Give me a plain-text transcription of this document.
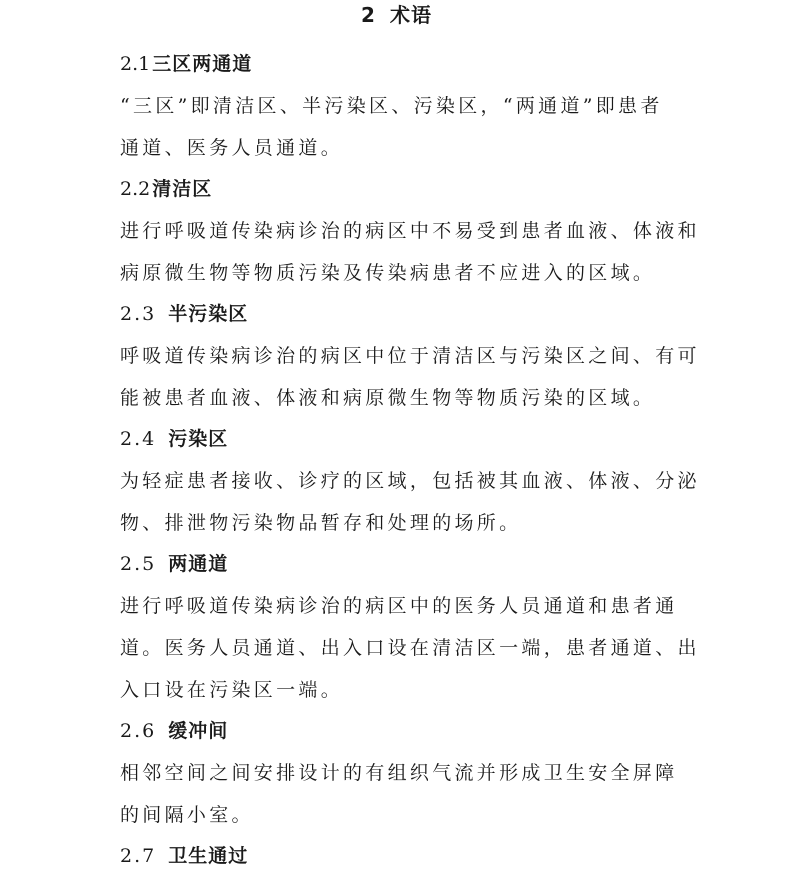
2 术语
2.1 三区两通道
“三区”即清洁区、半污染区、污染区，“两通道”即患者
通道、医务人员通道。
2.2 清洁区
进行呼吸道传染病诊治的病区中不易受到患者血液、体液和
病原微生物等物质污染及传染病患者不应进入的区域。
2.3 半污染区
呼吸道传染病诊治的病区中位于清洁区与污染区之间、有可
能被患者血液、体液和病原微生物等物质污染的区域。
2.4 污染区
为轻症患者接收、诊疗的区域，包括被其血液、体液、分泌
物、排泄物污染物品暂存和处理的场所。
2.5 两通道
进行呼吸道传染病诊治的病区中的医务人员通道和患者通
道。医务人员通道、出入口设在清洁区一端，患者通道、出
入口设在污染区一端。
2.6 缓冲间
相邻空间之间安排设计的有组织气流并形成卫生安全屏障
的间隔小室。
2.7 卫生通过
